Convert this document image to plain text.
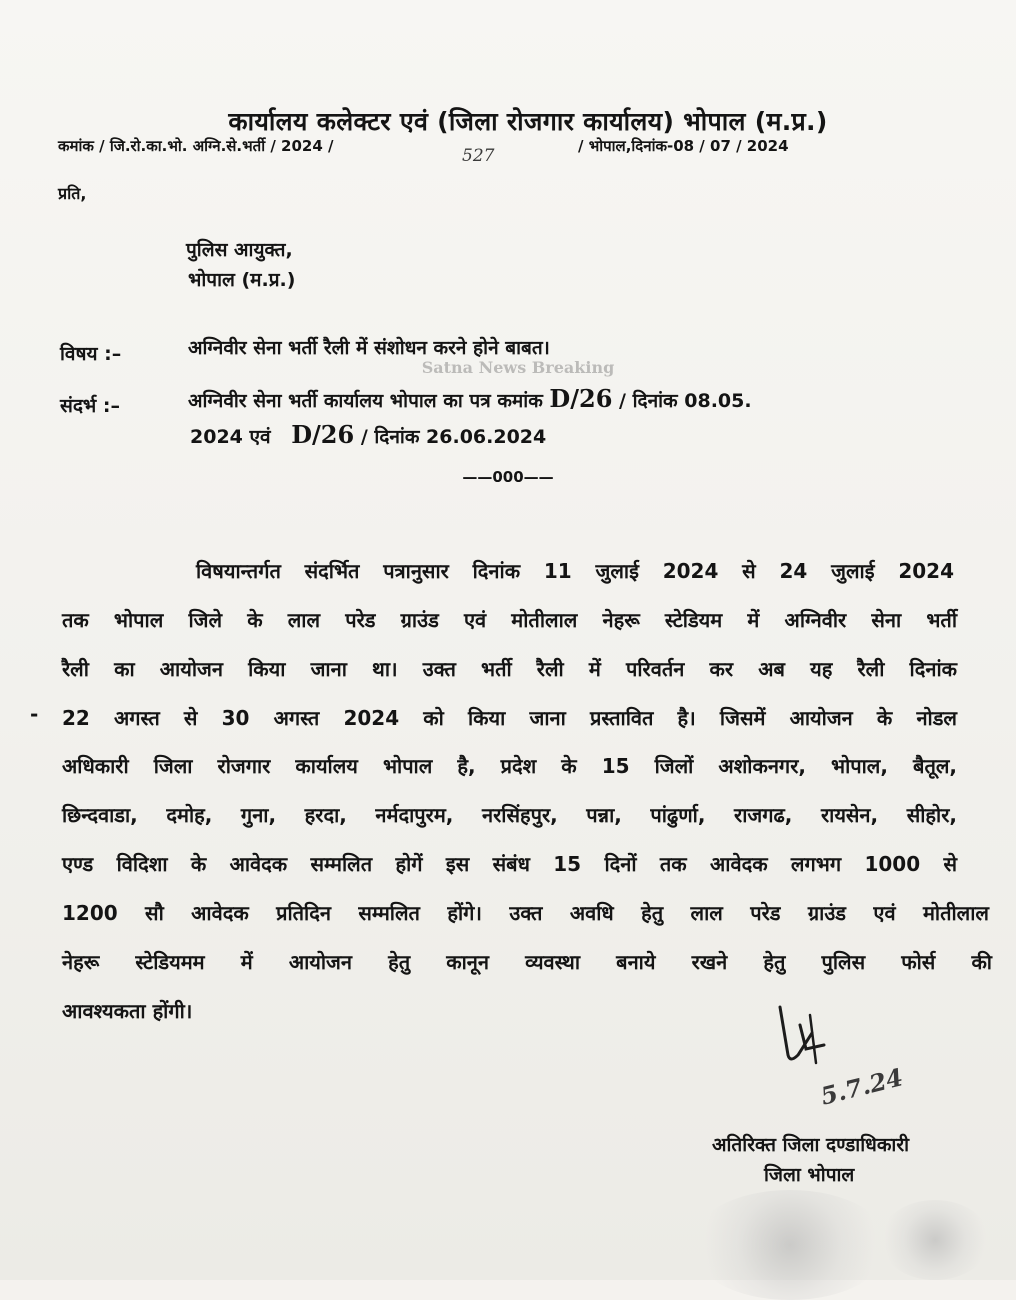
कार्यालय कलेक्टर एवं (जिला रोजगार कार्यालय) भोपाल (म.प्र.)
कमांक / जि.रो.का.भो. अग्नि.से.भर्ती / 2024 /	527	/ भोपाल,दिनांक-08 / 07 / 2024
प्रति,
पुलिस आयुक्त,
भोपाल (म.प्र.)
विषय :–	अग्निवीर सेना भर्ती रैली में संशोधन करने होने बाबत।
Satna News Breaking
संदर्भ :–	अग्निवीर सेना भर्ती कार्यालय भोपाल का पत्र कमांक D/26 / दिनांक 08.05.
2024 एवं D/26 / दिनांक 26.06.2024
——000——
विषयान्तर्गत संदर्भित पत्रानुसार दिनांक 11 जुलाई 2024 से 24 जुलाई 2024
तक भोपाल जिले के लाल परेड ग्राउंड एवं मोतीलाल नेहरू स्टेडियम में अग्निवीर सेना भर्ती
रैली का आयोजन किया जाना था। उक्त भर्ती रैली में परिवर्तन कर अब यह रैली दिनांक
- 22 अगस्त से 30 अगस्त 2024 को किया जाना प्रस्तावित है। जिसमें आयोजन के नोडल
अधिकारी जिला रोजगार कार्यालय भोपाल है, प्रदेश के 15 जिलों अशोकनगर, भोपाल, बैतूल,
छिन्दवाडा, दमोह, गुना, हरदा, नर्मदापुरम, नरसिंहपुर, पन्ना, पांढुर्णा, राजगढ, रायसेन, सीहोर,
एण्ड विदिशा के आवेदक सम्मलित होगें इस संबंध 15 दिनों तक आवेदक लगभग 1000 से
1200 सौ आवेदक प्रतिदिन सम्मलित होंगे। उक्त अवधि हेतु लाल परेड ग्राउंड एवं मोतीलाल
नेहरू स्टेडियमम में आयोजन हेतु कानून व्यवस्था बनाये रखने हेतु पुलिस फोर्स की
आवश्यकता होंगी।
5.7.24
अतिरिक्त जिला दण्डाधिकारी
जिला भोपाल
